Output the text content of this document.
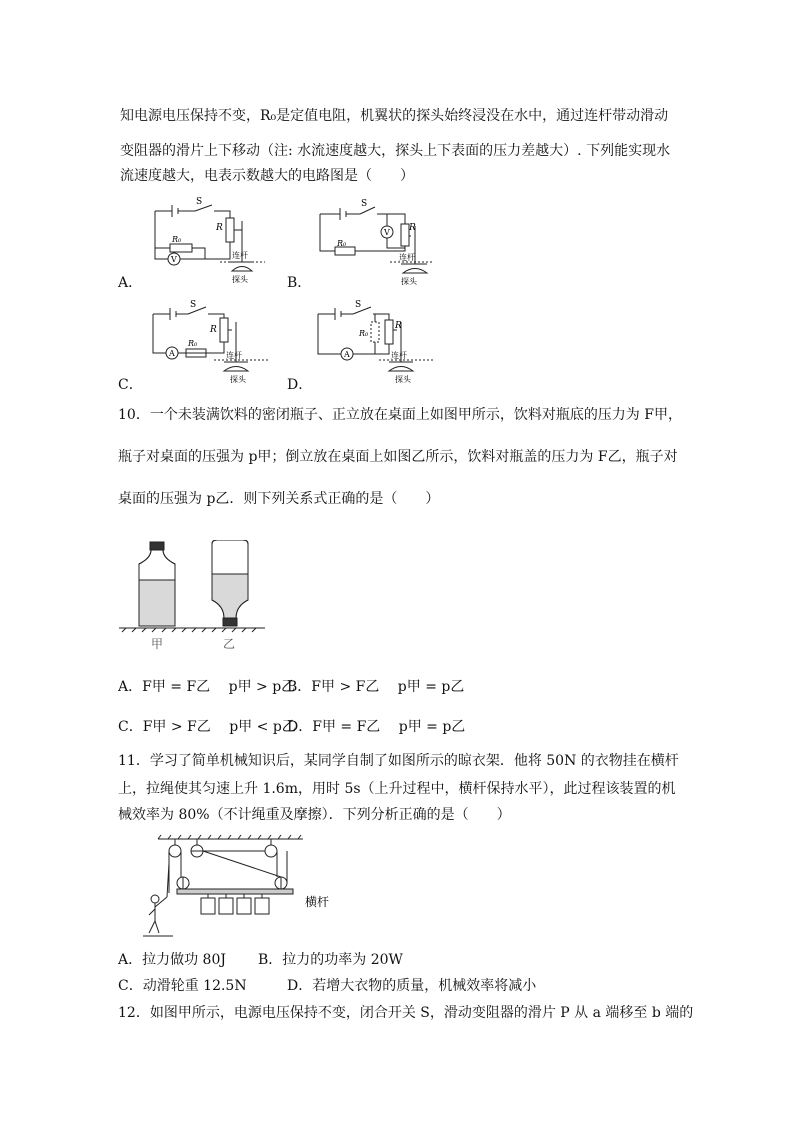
知电源电压保持不变，R₀是定值电阻，机翼状的探头始终浸没在水中，通过连杆带动滑动
变阻器的滑片上下移动（注: 水流速度越大，探头上下表面的压力差越大）. 下列能实现水
流速度越大，电表示数越大的电路图是（　　）
S
R
R₀
V	连杆
探头
A．
S
R
R₀
V
连杆
探头
B．
S
R
R₀
A	连杆
探头
C．
S
R
R₀
A	连杆
探头
D．
10．一个未装满饮料的密闭瓶子、正立放在桌面上如图甲所示，饮料对瓶底的压力为 F甲，
瓶子对桌面的压强为 p甲；倒立放在桌面上如图乙所示，饮料对瓶盖的压力为 F乙，瓶子对
桌面的压强为 p乙．则下列关系式正确的是（　　）
甲	乙
A．F甲 = F乙　 p甲 > p乙
B．F甲 > F乙　 p甲 = p乙
C．F甲 > F乙　 p甲 < p乙
D．F甲 = F乙　 p甲 = p乙
11．学习了简单机械知识后，某同学自制了如图所示的晾衣架．他将 50N 的衣物挂在横杆
上，拉绳使其匀速上升 1.6m，用时 5s（上升过程中，横杆保持水平），此过程该装置的机
械效率为 80%（不计绳重及摩擦）．下列分析正确的是（　　）
横杆
A．拉力做功 80J B．拉力的功率为 20W
C．动滑轮重 12.5N	D．若增大衣物的质量，机械效率将减小
12．如图甲所示，电源电压保持不变，闭合开关 S，滑动变阻器的滑片 P 从 a 端移至 b 端的
